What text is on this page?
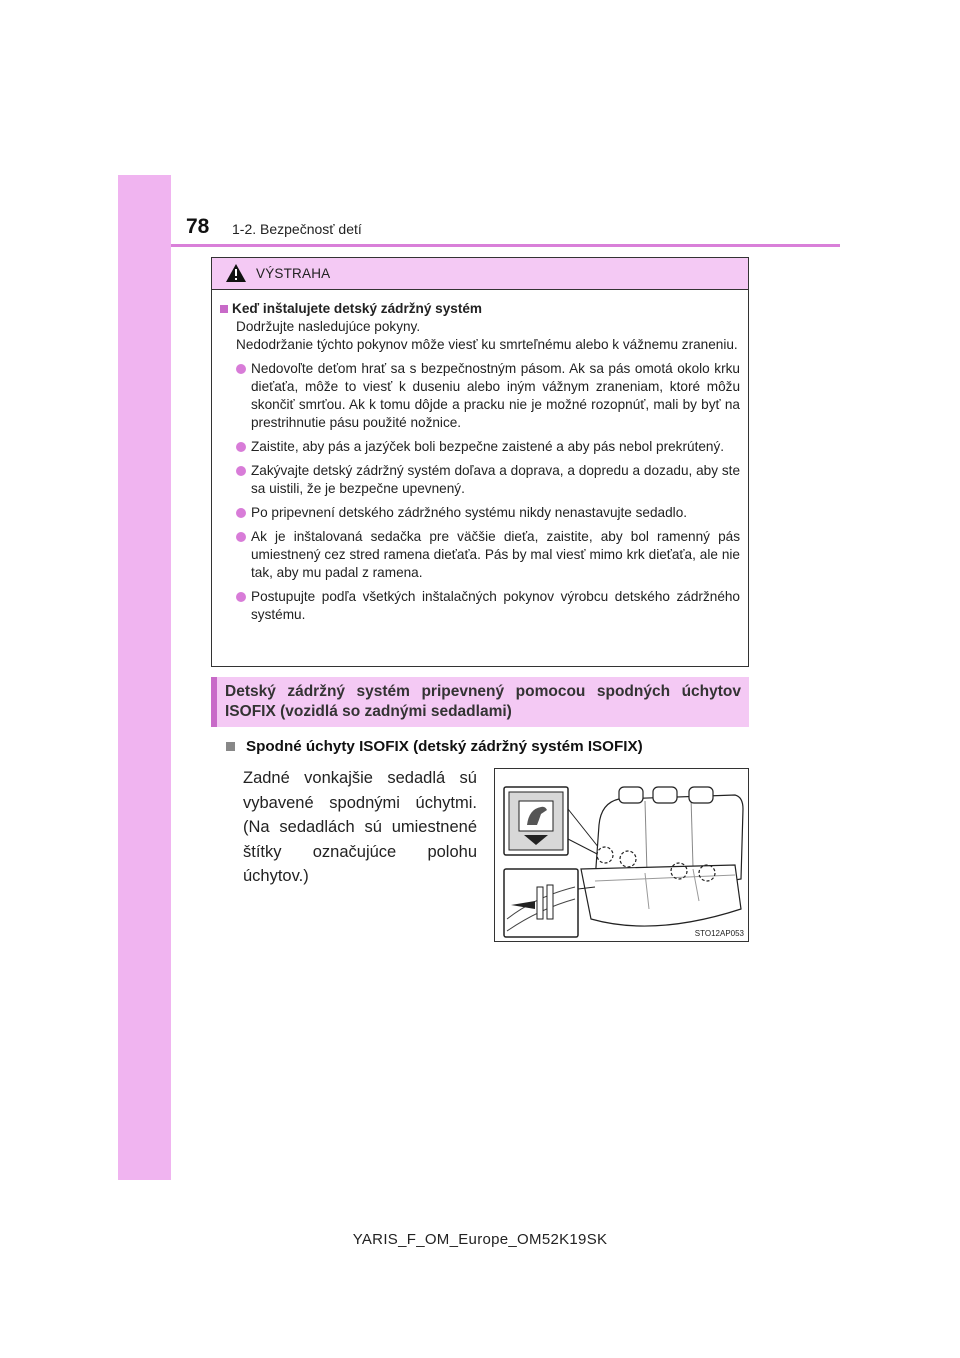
78 1-2. Bezpečnosť detí
VÝSTRAHA
Keď inštalujete detský zádržný systém
Dodržujte nasledujúce pokyny.
Nedodržanie týchto pokynov môže viesť ku smrteľnému alebo k vážnemu zraneniu.
Nedovoľte deťom hrať sa s bezpečnostným pásom. Ak sa pás omotá okolo krku dieťaťa, môže to viesť k duseniu alebo iným vážnym zraneniam, ktoré môžu skončiť smrťou. Ak k tomu dôjde a pracku nie je možné rozopnúť, mali by byť na prestrihnutie pásu použité nožnice.
Zaistite, aby pás a jazýček boli bezpečne zaistené a aby pás nebol prekrútený.
Zakývajte detský zádržný systém doľava a doprava, a dopredu a dozadu, aby ste sa uistili, že je bezpečne upevnený.
Po pripevnení detského zádržného systému nikdy nenastavujte sedadlo.
Ak je inštalovaná sedačka pre väčšie dieťa, zaistite, aby bol ramenný pás umiestnený cez stred ramena dieťaťa. Pás by mal viesť mimo krk dieťaťa, ale nie tak, aby mu padal z ramena.
Postupujte podľa všetkých inštalačných pokynov výrobcu detského zádržného systému.
Detský zádržný systém pripevnený pomocou spodných úchytov ISOFIX (vozidlá so zadnými sedadlami)
Spodné úchyty ISOFIX (detský zádržný systém ISOFIX)
Zadné vonkajšie sedadlá sú vybavené spodnými úchytmi. (Na sedadlách sú umiestnené štítky označujúce polohu úchytov.)
STO12AP053
YARIS_F_OM_Europe_OM52K19SK
